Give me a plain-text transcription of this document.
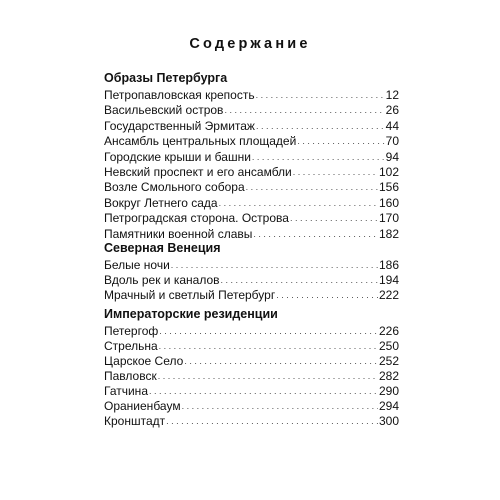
Содержание
Образы Петербурга
Петропавловская крепость . . .	12
Васильевский остров . . .	26
Государственный Эрмитаж . . .	44
Ансамбль центральных площадей . . .	70
Городские крыши и башни . . .	94
Невский проспект и его ансамбли . . .	102
Возле Смольного собора . . .	156
Вокруг Летнего сада . . .	160
Петроградская сторона. Острова . . .	170
Памятники военной славы . . .	182
Северная Венеция
Белые ночи . . .	186
Вдоль рек и каналов . . .	194
Мрачный и светлый Петербург . . .	222
Императорские резиденции
Петергоф . . .	226
Стрельна . . .	250
Царское Село . . .	252
Павловск . . .	282
Гатчина . . .	290
Ораниенбаум . . .	294
Кронштадт . . .	300
